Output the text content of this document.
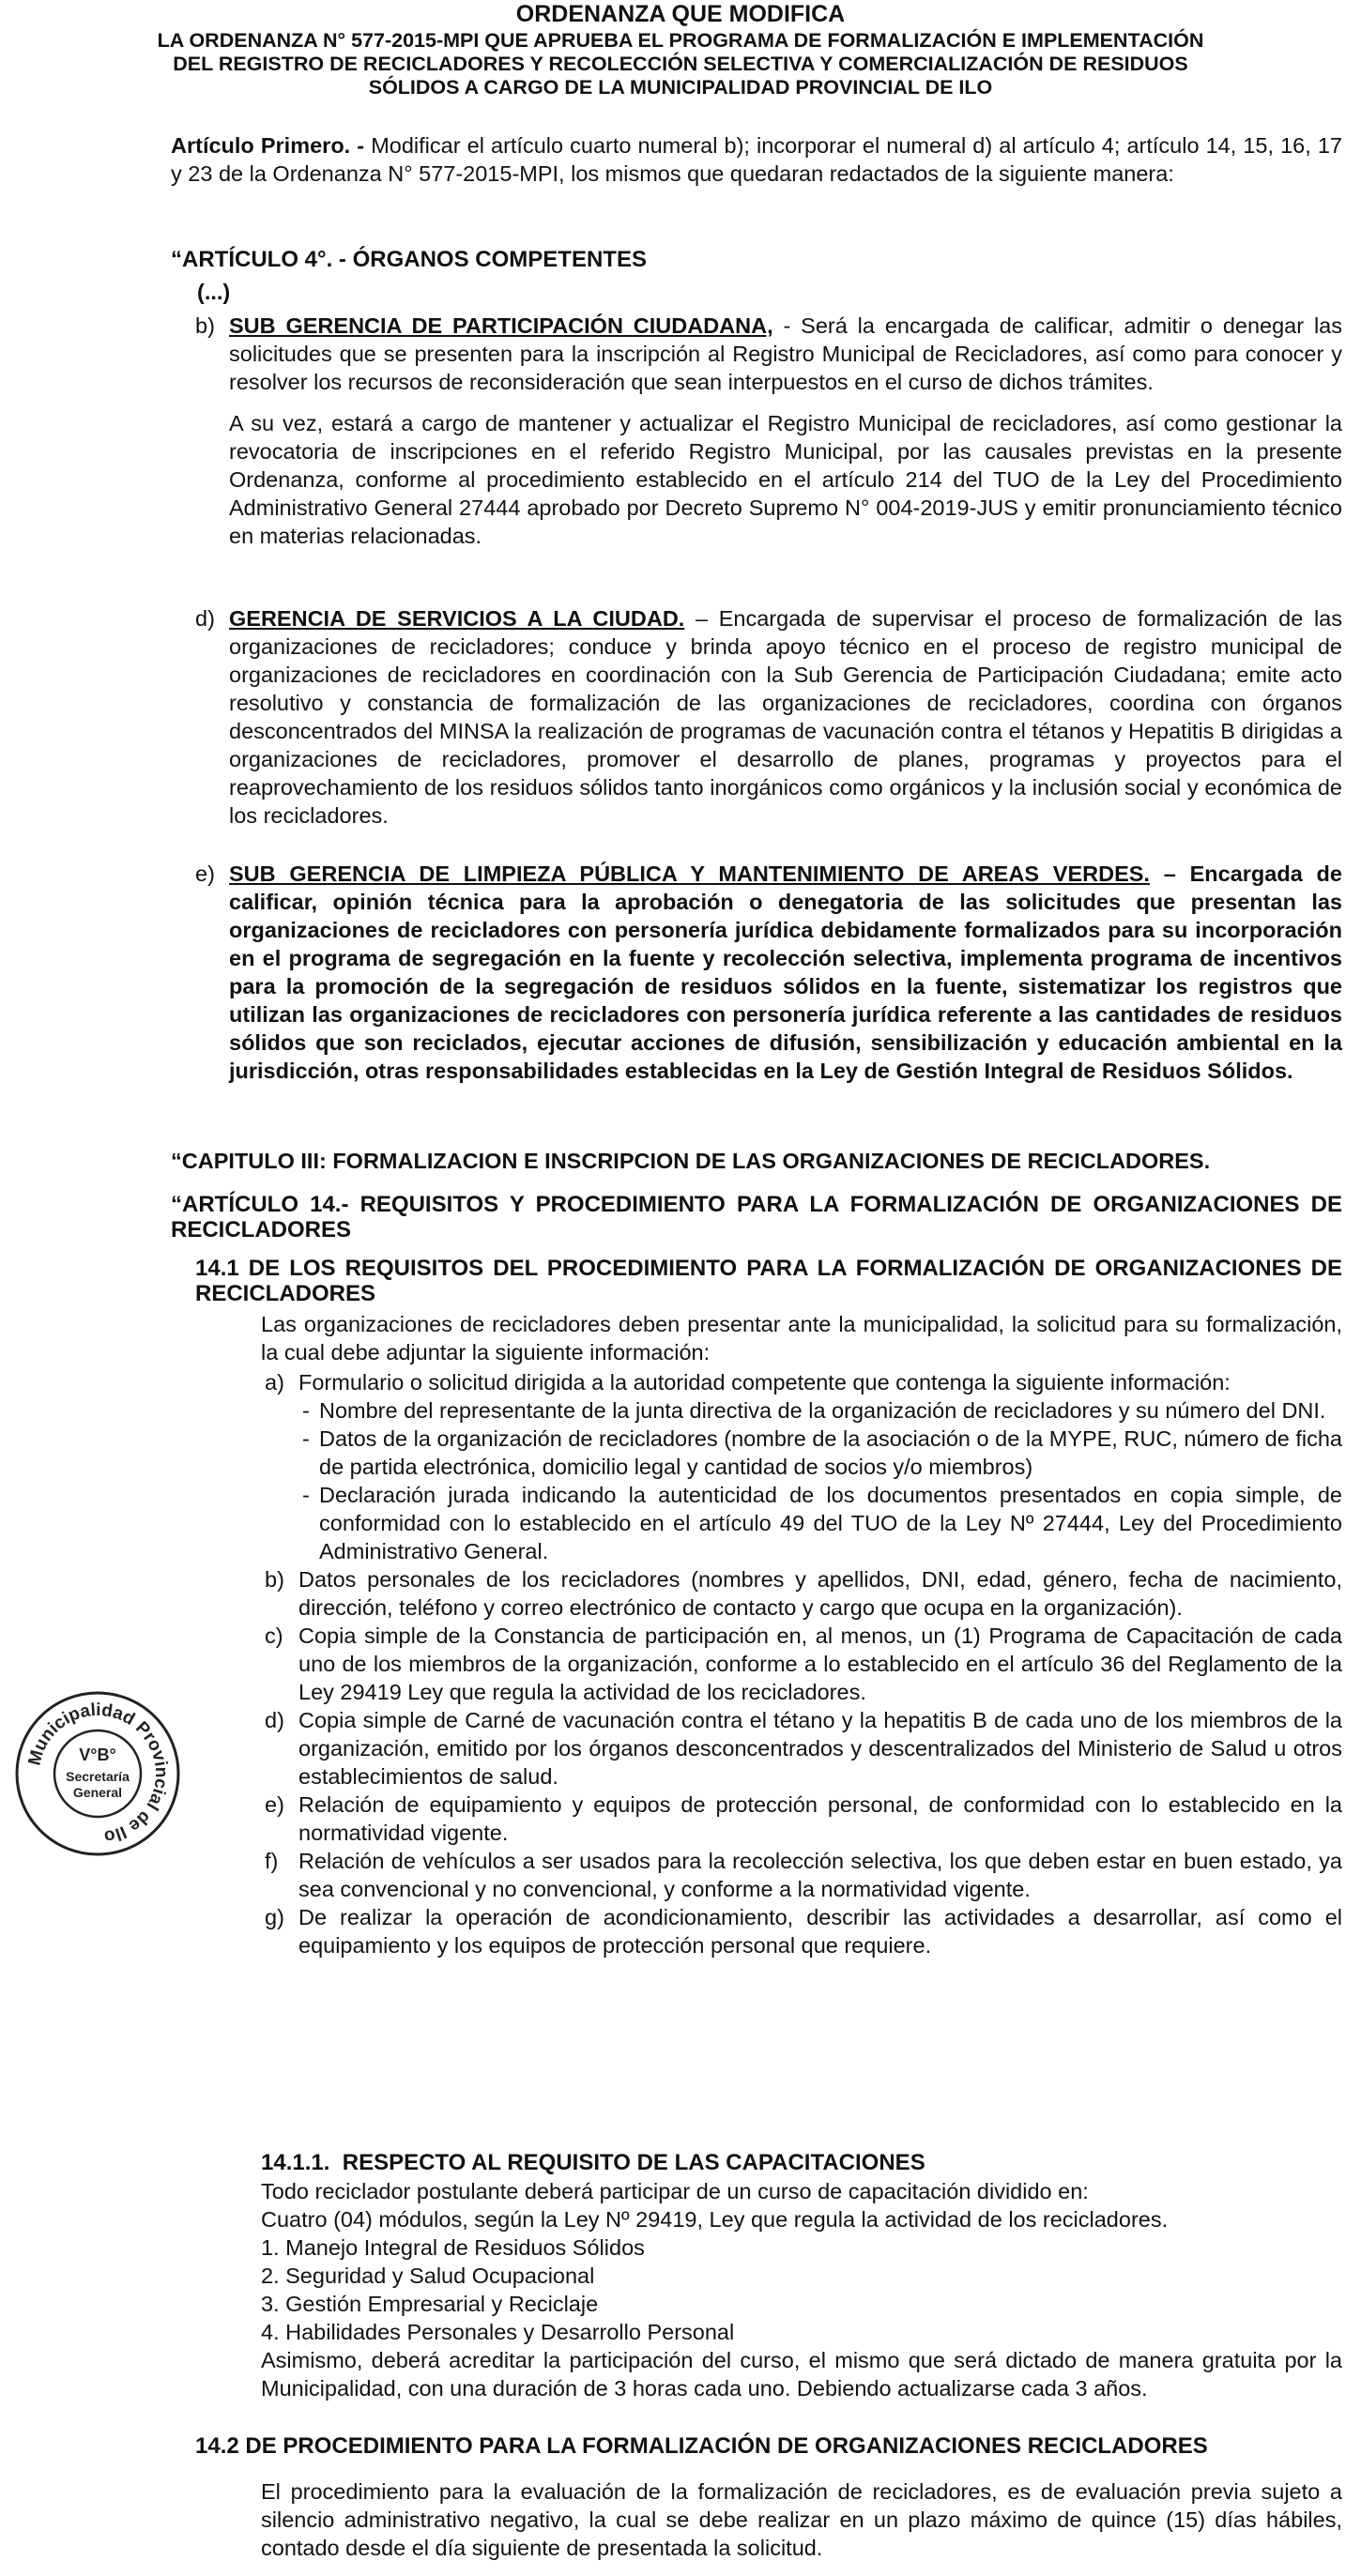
ORDENANZA QUE MODIFICA

LA ORDENANZA N° 577-2015-MPI QUE APRUEBA EL PROGRAMA DE FORMALIZACIÓN E IMPLEMENTACIÓN DEL REGISTRO DE RECICLADORES Y RECOLECCIÓN SELECTIVA Y COMERCIALIZACIÓN DE RESIDUOS SÓLIDOS A CARGO DE LA MUNICIPALIDAD PROVINCIAL DE ILO

Artículo Primero. - Modificar el artículo cuarto numeral b); incorporar el numeral d) al artículo 4; artículo 14, 15, 16, 17 y 23 de la Ordenanza N° 577-2015-MPI, los mismos que quedaran redactados de la siguiente manera:

“ARTÍCULO 4°. - ÓRGANOS COMPETENTES

(...)

b) SUB GERENCIA DE PARTICIPACIÓN CIUDADANA, - Será la encargada de calificar, admitir o denegar las solicitudes que se presenten para la inscripción al Registro Municipal de Recicladores, así como para conocer y resolver los recursos de reconsideración que sean interpuestos en el curso de dichos trámites.

A su vez, estará a cargo de mantener y actualizar el Registro Municipal de recicladores, así como gestionar la revocatoria de inscripciones en el referido Registro Municipal, por las causales previstas en la presente Ordenanza, conforme al procedimiento establecido en el artículo 214 del TUO de la Ley del Procedimiento Administrativo General 27444 aprobado por Decreto Supremo N° 004-2019-JUS y emitir pronunciamiento técnico en materias relacionadas.

d) GERENCIA DE SERVICIOS A LA CIUDAD. – Encargada de supervisar el proceso de formalización de las organizaciones de recicladores; conduce y brinda apoyo técnico en el proceso de registro municipal de organizaciones de recicladores en coordinación con la Sub Gerencia de Participación Ciudadana; emite acto resolutivo y constancia de formalización de las organizaciones de recicladores, coordina con órganos desconcentrados del MINSA la realización de programas de vacunación contra el tétanos y Hepatitis B dirigidas a organizaciones de recicladores, promover el desarrollo de planes, programas y proyectos para el reaprovechamiento de los residuos sólidos tanto inorgánicos como orgánicos y la inclusión social y económica de los recicladores.

e) SUB GERENCIA DE LIMPIEZA PÚBLICA Y MANTENIMIENTO DE AREAS VERDES. – Encargada de calificar, opinión técnica para la aprobación o denegatoria de las solicitudes que presentan las organizaciones de recicladores con personería jurídica debidamente formalizados para su incorporación en el programa de segregación en la fuente y recolección selectiva, implementa programa de incentivos para la promoción de la segregación de residuos sólidos en la fuente, sistematizar los registros que utilizan las organizaciones de recicladores con personería jurídica referente a las cantidades de residuos sólidos que son reciclados, ejecutar acciones de difusión, sensibilización y educación ambiental en la jurisdicción, otras responsabilidades establecidas en la Ley de Gestión Integral de Residuos Sólidos.

“CAPITULO III: FORMALIZACION E INSCRIPCION DE LAS ORGANIZACIONES DE RECICLADORES.

“ARTÍCULO 14.- REQUISITOS Y PROCEDIMIENTO PARA LA FORMALIZACIÓN DE ORGANIZACIONES DE RECICLADORES

14.1 DE LOS REQUISITOS DEL PROCEDIMIENTO PARA LA FORMALIZACIÓN DE ORGANIZACIONES DE RECICLADORES

Las organizaciones de recicladores deben presentar ante la municipalidad, la solicitud para su formalización, la cual debe adjuntar la siguiente información:

a) Formulario o solicitud dirigida a la autoridad competente que contenga la siguiente información:

- Nombre del representante de la junta directiva de la organización de recicladores y su número del DNI.

- Datos de la organización de recicladores (nombre de la asociación o de la MYPE, RUC, número de ficha de partida electrónica, domicilio legal y cantidad de socios y/o miembros)

- Declaración jurada indicando la autenticidad de los documentos presentados en copia simple, de conformidad con lo establecido en el artículo 49 del TUO de la Ley Nº 27444, Ley del Procedimiento Administrativo General.

b) Datos personales de los recicladores (nombres y apellidos, DNI, edad, género, fecha de nacimiento, dirección, teléfono y correo electrónico de contacto y cargo que ocupa en la organización).

c) Copia simple de la Constancia de participación en, al menos, un (1) Programa de Capacitación de cada uno de los miembros de la organización, conforme a lo establecido en el artículo 36 del Reglamento de la Ley 29419 Ley que regula la actividad de los recicladores.

d) Copia simple de Carné de vacunación contra el tétano y la hepatitis B de cada uno de los miembros de la organización, emitido por los órganos desconcentrados y descentralizados del Ministerio de Salud u otros establecimientos de salud.

e) Relación de equipamiento y equipos de protección personal, de conformidad con lo establecido en la normatividad vigente.

f) Relación de vehículos a ser usados para la recolección selectiva, los que deben estar en buen estado, ya sea convencional y no convencional, y conforme a la normatividad vigente.

g) De realizar la operación de acondicionamiento, describir las actividades a desarrollar, así como el equipamiento y los equipos de protección personal que requiere.

14.1.1.  RESPECTO AL REQUISITO DE LAS CAPACITACIONES

Todo reciclador postulante deberá participar de un curso de capacitación dividido en:

Cuatro (04) módulos, según la Ley Nº 29419, Ley que regula la actividad de los recicladores.

1. Manejo Integral de Residuos Sólidos

2. Seguridad y Salud Ocupacional

3. Gestión Empresarial y Reciclaje

4. Habilidades Personales y Desarrollo Personal

Asimismo, deberá acreditar la participación del curso, el mismo que será dictado de manera gratuita por la Municipalidad, con una duración de 3 horas cada uno. Debiendo actualizarse cada 3 años.

14.2 DE PROCEDIMIENTO PARA LA FORMALIZACIÓN DE ORGANIZACIONES RECICLADORES

El procedimiento para la evaluación de la formalización de recicladores, es de evaluación previa sujeto a silencio administrativo negativo, la cual se debe realizar en un plazo máximo de quince (15) días hábiles, contado desde el día siguiente de presentada la solicitud.

Municipalidad Provincial de Ilo
V°B°
Secretaría
General
